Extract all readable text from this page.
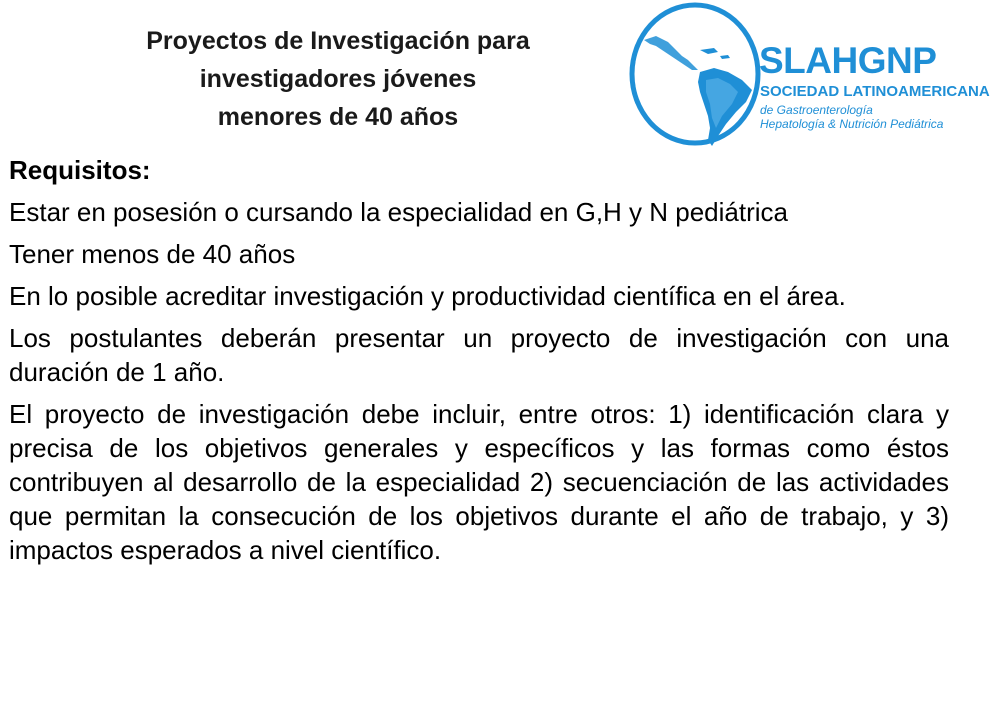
Proyectos de Investigación para
investigadores jóvenes
menores de 40 años
SLAHGNP
SOCIEDAD LATINOAMERICANA
de Gastroenterología
Hepatología & Nutrición Pediátrica

Requisitos:

Estar en posesión o cursando la especialidad en G,H y N pediátrica

Tener menos de 40 años

En lo posible acreditar investigación y productividad científica en el área.

Los postulantes deberán presentar un proyecto de investigación con una duración de 1 año.

El proyecto de investigación debe incluir, entre otros: 1) identificación clara y precisa de los objetivos generales y específicos y las formas como éstos contribuyen al desarrollo de la especialidad 2) secuenciación de las actividades que permitan la consecución de los objetivos durante el año de trabajo, y 3) impactos esperados a nivel científico.
